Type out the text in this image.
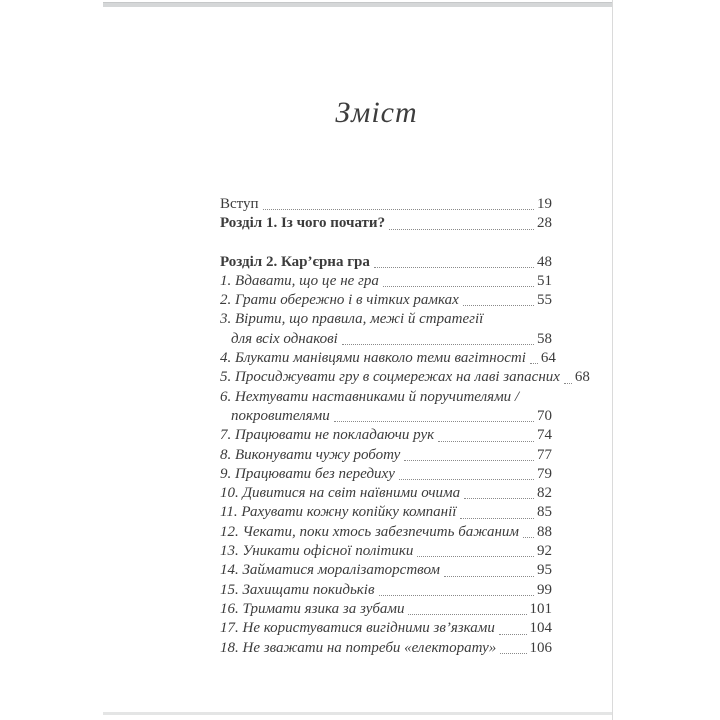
Зміст
Вступ	19
Розділ 1. Із чого почати?	28
Розділ 2. Кар’єрна гра	48
1. Вдавати, що це не гра	51
2. Грати обережно і в чітких рамках	55
3. Вірити, що правила, межі й стратегії
для всіх однакові	58
4. Блукати манівцями навколо теми вагітності 64
5. Просиджувати гру в соцмережах на лаві запасних 68
6. Нехтувати наставниками й поручителями /
покровителями	70
7. Працювати не покладаючи рук	74
8. Виконувати чужу роботу	77
9. Працювати без передиху	79
10. Дивитися на світ наївними очима	82
11. Рахувати кожну копійку компанії	85
12. Чекати, поки хтось забезпечить бажаним 88
13. Уникати офісної політики	92
14. Займатися моралізаторством	95
15. Захищати покидьків	99
16. Тримати язика за зубами	101
17. Не користуватися вигідними зв’язками 104
18. Не зважати на потреби «електорату» 106
